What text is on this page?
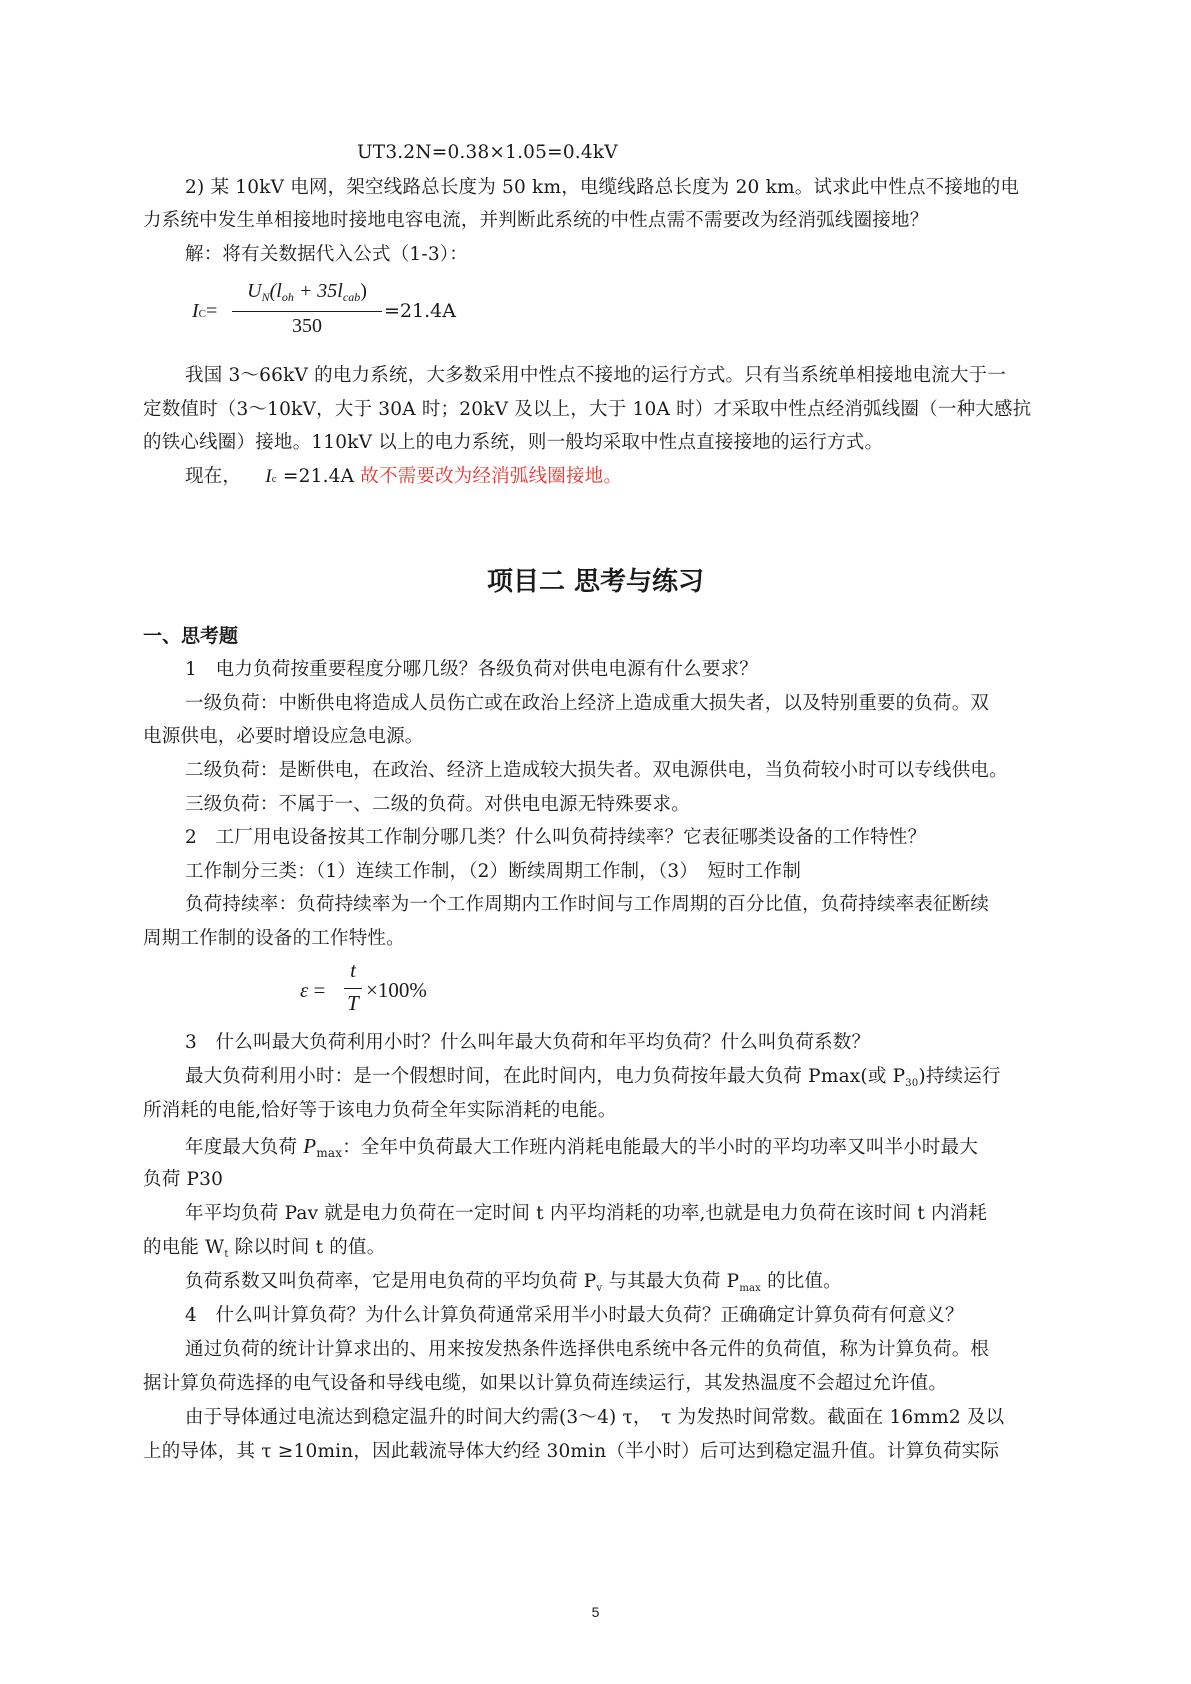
UT3.2N=0.38×1.05=0.4kV
2) 某 10kV 电网，架空线路总长度为 50 km，电缆线路总长度为 20 km。试求此中性点不接地的电
力系统中发生单相接地时接地电容电流，并判断此系统的中性点需不需要改为经消弧线圈接地？
解：将有关数据代入公式（1-3）：
IC=
$U_N(l_{oh} + 35l_{cab})$
350
=21.4A
我国 3～66kV 的电力系统，大多数采用中性点不接地的运行方式。只有当系统单相接地电流大于一
定数值时（3～10kV，大于 30A 时；20kV 及以上，大于 10A 时）才采取中性点经消弧线圈（一种大感抗
的铁心线圈）接地。110kV 以上的电力系统，则一般均采取中性点直接接地的运行方式。
现在， Ic =21.4A 故不需要改为经消弧线圈接地。
项目二 思考与练习
一、思考题
1　电力负荷按重要程度分哪几级？各级负荷对供电电源有什么要求？
一级负荷：中断供电将造成人员伤亡或在政治上经济上造成重大损失者，以及特别重要的负荷。双
电源供电，必要时增设应急电源。
二级负荷：是断供电，在政治、经济上造成较大损失者。双电源供电，当负荷较小时可以专线供电。
三级负荷：不属于一、二级的负荷。对供电电源无特殊要求。
2　工厂用电设备按其工作制分哪几类？什么叫负荷持续率？它表征哪类设备的工作特性？
工作制分三类：（1）连续工作制，（2）断续周期工作制，（3）　短时工作制
负荷持续率：负荷持续率为一个工作周期内工作时间与工作周期的百分比值，负荷持续率表征断续
周期工作制的设备的工作特性。
ε =
t
T
×100%
3　什么叫最大负荷利用小时？什么叫年最大负荷和年平均负荷？什么叫负荷系数？
最大负荷利用小时：是一个假想时间，在此时间内，电力负荷按年最大负荷 Pmax(或 $P_{30}$)持续运行
所消耗的电能,恰好等于该电力负荷全年实际消耗的电能。
年度最大负荷 $P_{max}$：全年中负荷最大工作班内消耗电能最大的半小时的平均功率又叫半小时最大
负荷 P30
年平均负荷 Pav 就是电力负荷在一定时间 t 内平均消耗的功率,也就是电力负荷在该时间 t 内消耗
的电能 $W_t$ 除以时间 t 的值。
负荷系数又叫负荷率，它是用电负荷的平均负荷 $P_v$ 与其最大负荷 $P_{max}$ 的比值。
4　什么叫计算负荷？为什么计算负荷通常采用半小时最大负荷？正确确定计算负荷有何意义？
通过负荷的统计计算求出的、用来按发热条件选择供电系统中各元件的负荷值，称为计算负荷。根
据计算负荷选择的电气设备和导线电缆，如果以计算负荷连续运行，其发热温度不会超过允许值。
由于导体通过电流达到稳定温升的时间大约需(3～4) τ，　τ 为发热时间常数。截面在 16mm2 及以
上的导体，其 τ ≥10min，因此载流导体大约经 30min（半小时）后可达到稳定温升值。计算负荷实际
5
